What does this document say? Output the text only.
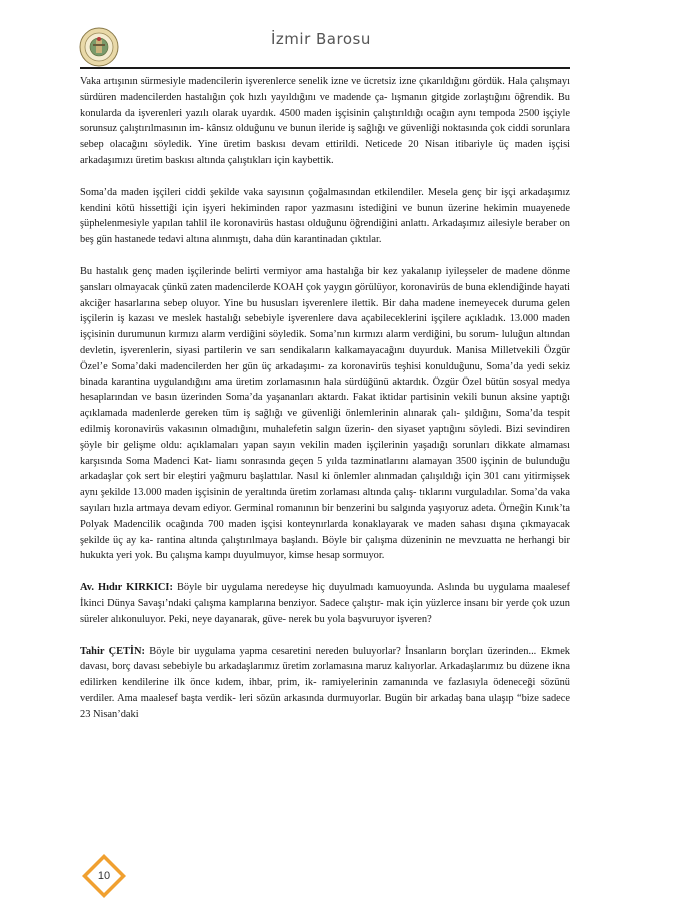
İzmir Barosu

Vaka artışının sürmesiyle madencilerin işverenlerce senelik izne ve ücretsiz izne çıkarıldığını gördük. Hala çalışmayı sürdüren madencilerden hastalığın çok hızlı yayıldığını ve madende ça- lışmanın gitgide zorlaştığını öğrendik. Bu konularda da işverenleri yazılı olarak uyardık. 4500 maden işçisinin çalıştırıldığı ocağın aynı tempoda 2500 işçiyle sorunsuz çalıştırılmasının im- kânsız olduğunu ve bunun ileride iş sağlığı ve güvenliği noktasında çok ciddi sorunlara sebep olacağını söyledik. Yine üretim baskısı devam ettirildi. Neticede 20 Nisan itibariyle üç maden işçisi arkadaşımızı üretim baskısı altında çalıştıkları için kaybettik.

Soma’da maden işçileri ciddi şekilde vaka sayısının çoğalmasından etkilendiler. Mesela genç bir işçi arkadaşımız kendini kötü hissettiği için işyeri hekiminden rapor yazmasını istediğini ve bunun üzerine hekimin muayenede şüphelenmesiyle yapılan tahlil ile koronavirüs hastası olduğunu öğrendiğini anlattı. Arkadaşımız ailesiyle beraber on beş gün hastanede tedavi altına alınmıştı, daha dün karantinadan çıktılar.

Bu hastalık genç maden işçilerinde belirti vermiyor ama hastalığa bir kez yakalanıp iyileşseler de madene dönme şansları olmayacak çünkü zaten madencilerde KOAH çok yaygın görülüyor, koronavirüs de buna eklendiğinde hayati akciğer hasarlarına sebep oluyor. Yine bu hususları işverenlere ilettik. Bir daha madene inemeyecek duruma gelen işçilerin iş kazası ve meslek hastalığı sebebiyle işverenlere dava açabileceklerini işçilere açıkladık. 13.000 maden işçisinin durumunun kırmızı alarm verdiğini söyledik. Soma’nın kırmızı alarm verdiğini, bu sorum- luluğun altından devletin, işverenlerin, siyasi partilerin ve sarı sendikaların kalkamayacağını duyurduk. Manisa Milletvekili Özgür Özel’e Soma’daki madencilerden her gün üç arkadaşımı- za koronavirüs teşhisi konulduğunu, Soma’da yedi sekiz binada karantina uygulandığını ama üretim zorlamasının hala sürdüğünü aktardık. Özgür Özel bütün sosyal medya hesaplarından ve basın üzerinden Soma’da yaşananları aktardı. Fakat iktidar partisinin vekili bunun aksine yaptığı açıklamada madenlerde gereken tüm iş sağlığı ve güvenliği önlemlerinin alınarak çalı- şıldığını, Soma’da tespit edilmiş koronavirüs vakasının olmadığını, muhalefetin salgın üzerin- den siyaset yaptığını söyledi. Bizi sevindiren şöyle bir gelişme oldu: açıklamaları yapan sayın vekilin maden işçilerinin yaşadığı sorunları dikkate almaması karşısında Soma Madenci Kat- liamı sonrasında geçen 5 yılda tazminatlarını alamayan 3500 işçinin de bulunduğu arkadaşlar çok sert bir eleştiri yağmuru başlattılar. Nasıl ki önlemler alınmadan çalışıldığı için 301 canı yitirmişsek aynı şekilde 13.000 maden işçisinin de yeraltında üretim zorlaması altında çalış- tıklarını vurguladılar. Soma’da vaka sayıları hızla artmaya devam ediyor. Germinal romanının bir benzerini bu salgında yaşıyoruz adeta. Örneğin Kınık’ta Polyak Madencilik ocağında 700 maden işçisi konteynırlarda konaklayarak ve maden sahası dışına çıkmayacak şekilde üç ay ka- rantina altında çalıştırılmaya başlandı. Böyle bir çalışma düzeninin ne mevzuatta ne herhangi bir hukukta yeri yok. Bu çalışma kampı duyulmuyor, kimse hesap sormuyor.

Av. Hıdır KIRKICI: Böyle bir uygulama neredeyse hiç duyulmadı kamuoyunda. Aslında bu uygulama maalesef İkinci Dünya Savaşı’ndaki çalışma kamplarına benziyor. Sadece çalıştır- mak için yüzlerce insanı bir yerde çok uzun süreler alıkonuluyor. Peki, neye dayanarak, güve- nerek bu yola başvuruyor işveren?

Tahir ÇETİN: Böyle bir uygulama yapma cesaretini nereden buluyorlar? İnsanların borçları üzerinden... Ekmek davası, borç davası sebebiyle bu arkadaşlarımız üretim zorlamasına maruz kalıyorlar. Arkadaşlarımız bu düzene ikna edilirken kendilerine ilk önce kıdem, ihbar, prim, ik- ramiyelerinin zamanında ve fazlasıyla ödeneceği sözünü verdiler. Ama maalesef başta verdik- leri sözün arkasında durmuyorlar. Bugün bir arkadaş bana ulaşıp “bize sadece 23 Nisan’daki

10
